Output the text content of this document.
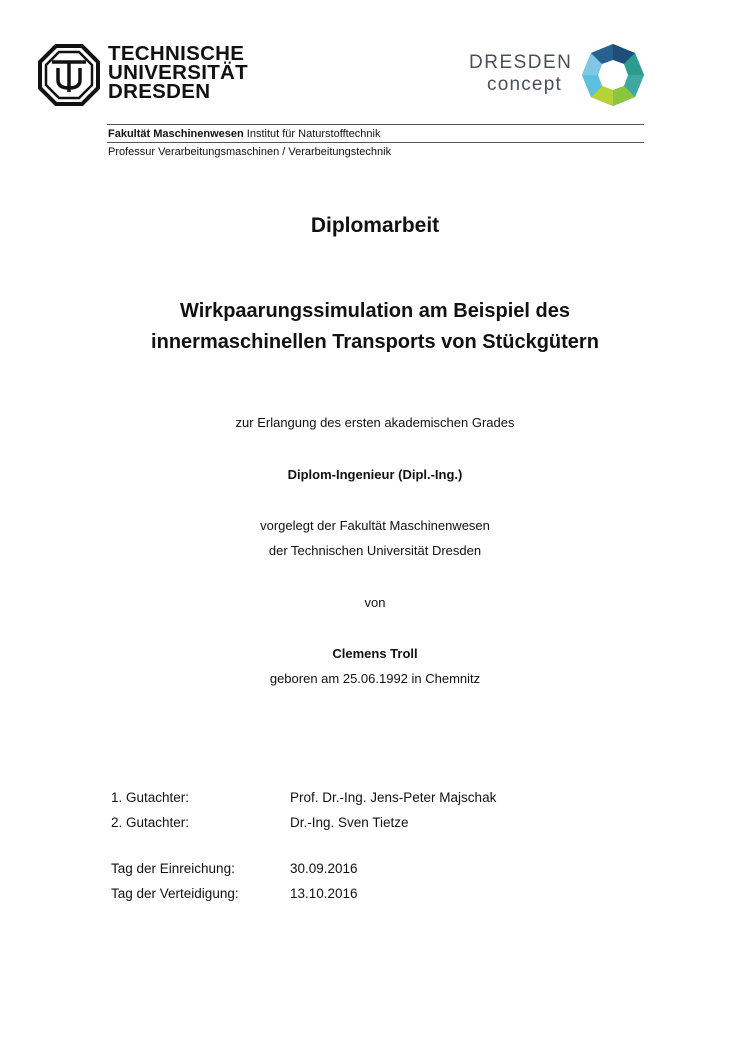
TECHNISCHE
UNIVERSITÄT
DRESDEN
DRESDEN
concept
Fakultät Maschinenwesen Institut für Naturstofftechnik
Professur Verarbeitungsmaschinen / Verarbeitungstechnik
Diplomarbeit
Wirkpaarungssimulation am Beispiel des
innermaschinellen Transports von Stückgütern
zur Erlangung des ersten akademischen Grades
Diplom-Ingenieur (Dipl.-Ing.)
vorgelegt der Fakultät Maschinenwesen
der Technischen Universität Dresden
von
Clemens Troll
geboren am 25.06.1992 in Chemnitz
1. Gutachter:	Prof. Dr.-Ing. Jens-Peter Majschak
2. Gutachter:	Dr.-Ing. Sven Tietze
Tag der Einreichung:	30.09.2016
Tag der Verteidigung:	13.10.2016
